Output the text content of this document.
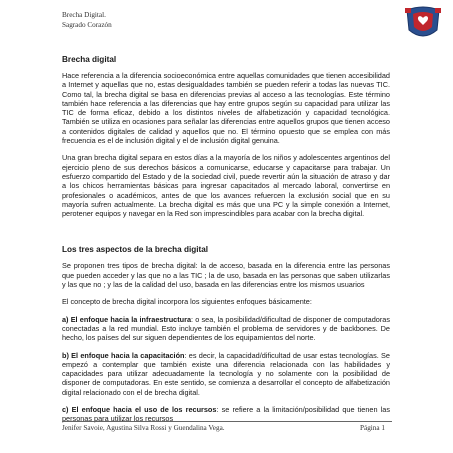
Brecha Digital.
Sagrado Corazón
Brecha digital

Hace referencia a la diferencia socioeconómica entre aquellas comunidades que tienen accesibilidad a Internet y aquellas que no, estas desigualdades también se pueden referir a todas las nuevas TIC. Como tal, la brecha digital se basa en diferencias previas al acceso a las tecnologías. Este término también hace referencia a las diferencias que hay entre grupos según su capacidad para utilizar las TIC de forma eficaz, debido a los distintos niveles de alfabetización y capacidad tecnológica. También se utiliza en ocasiones para señalar las diferencias entre aquellos grupos que tienen acceso a contenidos digitales de calidad y aquellos que no. El término opuesto que se emplea con más frecuencia es el de inclusión digital y el de inclusión digital genuina.

Una gran brecha digital separa en estos días a la mayoría de los niños y adolescentes argentinos del ejercicio pleno de sus derechos básicos a comunicarse, educarse y capacitarse para trabajar. Un esfuerzo compartido del Estado y de la sociedad civil, puede revertir aún la situación de atraso y dar a los chicos herramientas básicas para ingresar capacitados al mercado laboral, convertirse en profesionales o académicos, antes de que los avances refuercen la exclusión social que en su mayoría sufren actualmente. La brecha digital es más que una PC y la simple conexión a Internet, perotener equipos y navegar en la Red son imprescindibles para acabar con la brecha digital.

Los tres aspectos de la brecha digital

Se proponen tres tipos de brecha digital: la de acceso, basada en la diferencia entre las personas que pueden acceder y las que no a las TIC ; la de uso, basada en las personas que saben utilizarlas y las que no ; y las de la calidad del uso, basada en las diferencias entre los mismos usuarios

El concepto de brecha digital incorpora los siguientes enfoques básicamente:

a) El enfoque hacia la infraestructura: o sea, la posibilidad/dificultad de disponer de computadoras conectadas a la red mundial. Esto incluye también el problema de servidores y de backbones. De hecho, los países del sur siguen dependientes de los equipamientos del norte.

b) El enfoque hacia la capacitación: es decir, la capacidad/dificultad de usar estas tecnologías. Se empezó a contemplar que también existe una diferencia relacionada con las habilidades y capacidades para utilizar adecuadamente la tecnología y no solamente con la posibilidad de disponer de computadoras. En este sentido, se comienza a desarrollar el concepto de alfabetización digital relacionado con el de brecha digital.

c) El enfoque hacia el uso de los recursos: se refiere a la limitación/posibilidad que tienen las personas para utilizar los recursos

Jenifer Savoie, Agustina Silva Rossi y Guendalina Vega.	Página 1
